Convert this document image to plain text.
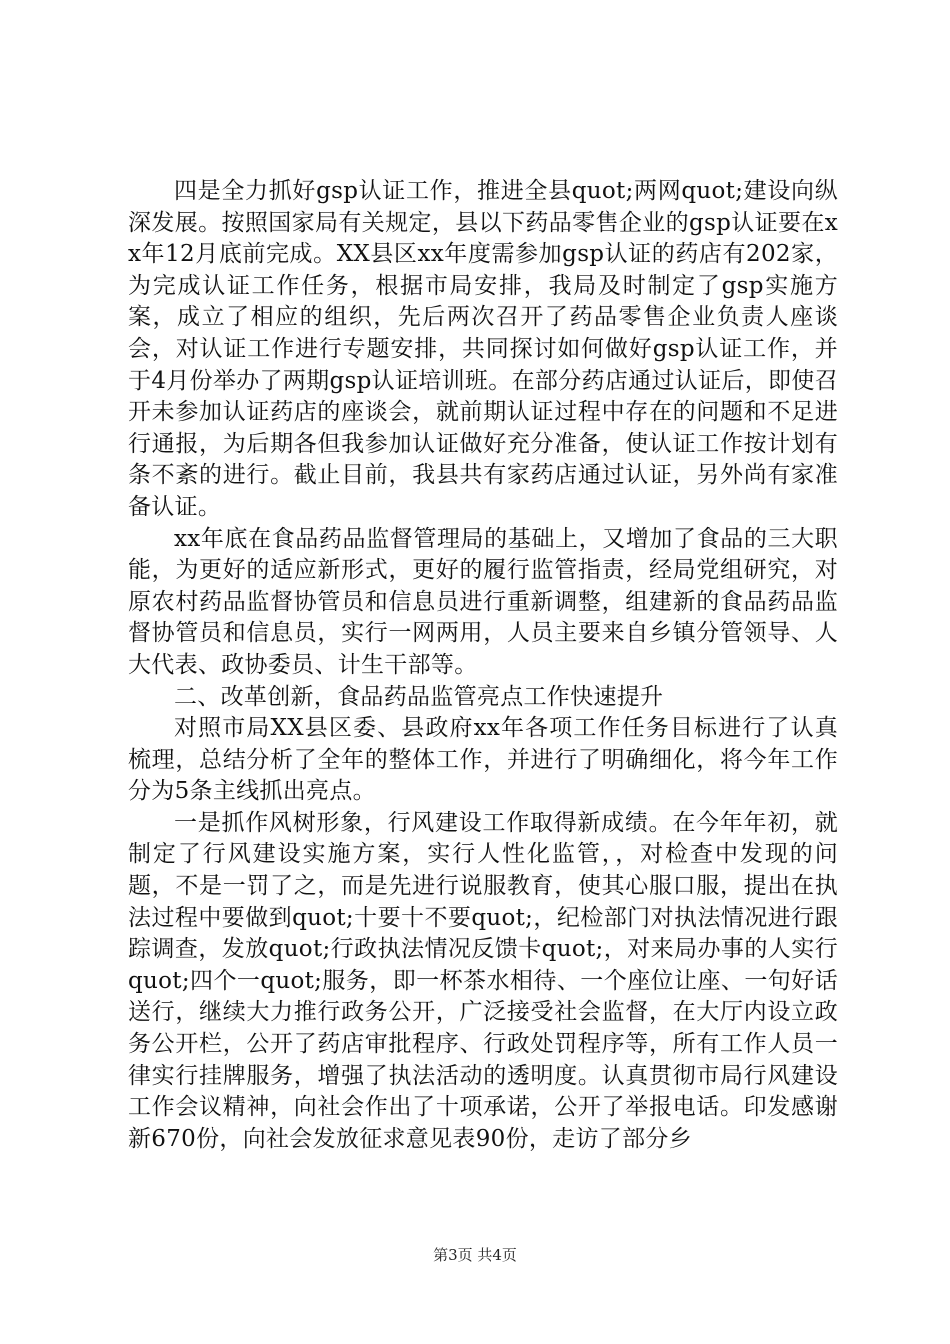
四是全力抓好gsp认证工作，推进全县quot;两网quot;建设向纵深发展。按照国家局有关规定，县以下药品零售企业的gsp认证要在xx年12月底前完成。XX县区xx年度需参加gsp认证的药店有202家，为完成认证工作任务，根据市局安排，我局及时制定了gsp实施方案，成立了相应的组织，先后两次召开了药品零售企业负责人座谈会，对认证工作进行专题安排，共同探讨如何做好gsp认证工作，并于4月份举办了两期gsp认证培训班。在部分药店通过认证后，即使召开未参加认证药店的座谈会，就前期认证过程中存在的问题和不足进行通报，为后期各但我参加认证做好充分准备，使认证工作按计划有条不紊的进行。截止目前，我县共有家药店通过认证，另外尚有家准备认证。

xx年底在食品药品监督管理局的基础上，又增加了食品的三大职能，为更好的适应新形式，更好的履行监管指责，经局党组研究，对原农村药品监督协管员和信息员进行重新调整，组建新的食品药品监督协管员和信息员，实行一网两用，人员主要来自乡镇分管领导、人大代表、政协委员、计生干部等。

二、改革创新，食品药品监管亮点工作快速提升

对照市局XX县区委、县政府xx年各项工作任务目标进行了认真梳理，总结分析了全年的整体工作，并进行了明确细化，将今年工作分为5条主线抓出亮点。

一是抓作风树形象，行风建设工作取得新成绩。在今年年初，就制定了行风建设实施方案，实行人性化监管，，对检查中发现的问题，不是一罚了之，而是先进行说服教育，使其心服口服，提出在执法过程中要做到quot;十要十不要quot;，纪检部门对执法情况进行跟踪调查，发放quot;行政执法情况反馈卡quot;，对来局办事的人实行quot;四个一quot;服务，即一杯茶水相待、一个座位让座、一句好话送行，继续大力推行政务公开，广泛接受社会监督，在大厅内设立政务公开栏，公开了药店审批程序、行政处罚程序等，所有工作人员一律实行挂牌服务，增强了执法活动的透明度。认真贯彻市局行风建设工作会议精神，向社会作出了十项承诺，公开了举报电话。印发感谢新670份，向社会发放征求意见表90份，走访了部分乡

第3页 共4页
